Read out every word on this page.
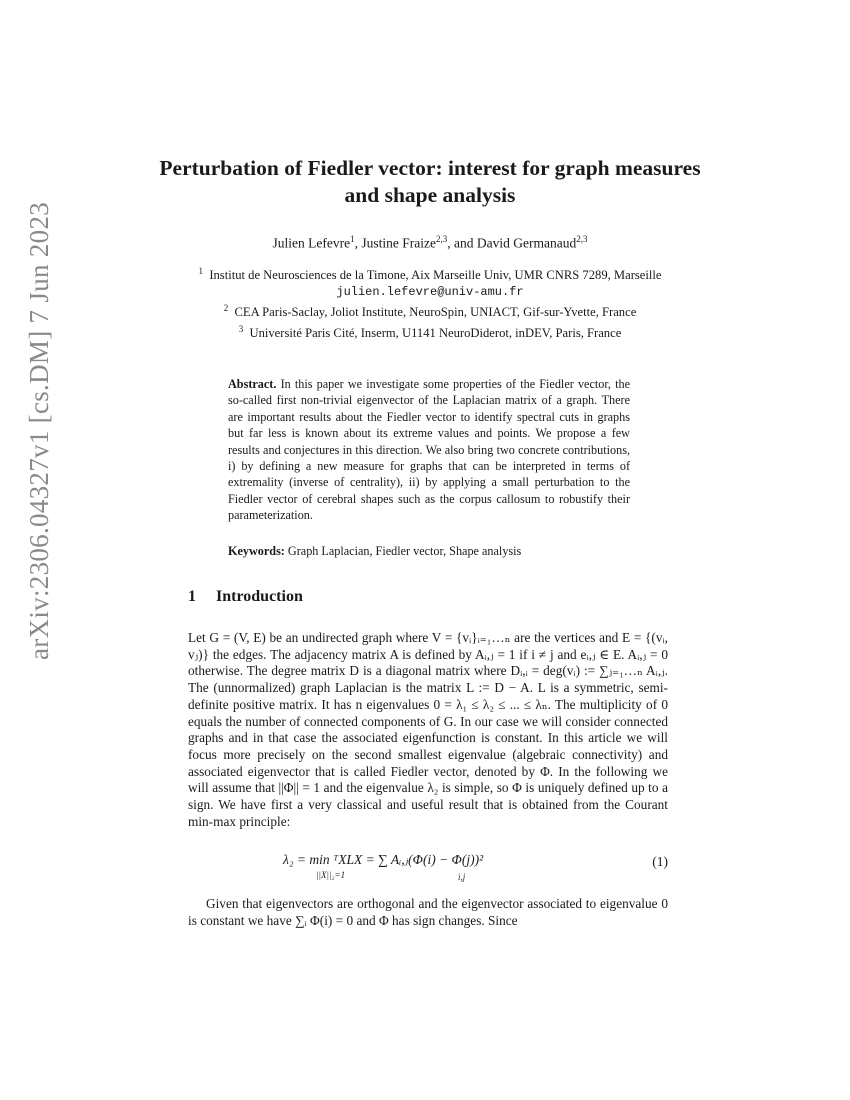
arXiv:2306.04327v1 [cs.DM] 7 Jun 2023
Perturbation of Fiedler vector: interest for graph measures and shape analysis
Julien Lefevre$^1$, Justine Fraize$^{2,3}$, and David Germanaud$^{2,3}$
$^1$ Institut de Neurosciences de la Timone, Aix Marseille Univ, UMR CNRS 7289, Marseille
julien.lefevre@univ-amu.fr
$^2$ CEA Paris-Saclay, Joliot Institute, NeuroSpin, UNIACT, Gif-sur-Yvette, France
$^3$ Université Paris Cité, Inserm, U1141 NeuroDiderot, inDEV, Paris, France
Abstract. In this paper we investigate some properties of the Fiedler vector, the so-called first non-trivial eigenvector of the Laplacian matrix of a graph. There are important results about the Fiedler vector to identify spectral cuts in graphs but far less is known about its extreme values and points. We propose a few results and conjectures in this direction. We also bring two concrete contributions, i) by defining a new measure for graphs that can be interpreted in terms of extremality (inverse of centrality), ii) by applying a small perturbation to the Fiedler vector of cerebral shapes such as the corpus callosum to robustify their parameterization.
Keywords: Graph Laplacian, Fiedler vector, Shape analysis
1 Introduction
Let G = (V, E) be an undirected graph where V = {vᵢ}ᵢ₌₁…ₙ are the vertices and E = {(vᵢ, vⱼ)} the edges. The adjacency matrix A is defined by Aᵢ,ⱼ = 1 if i ≠ j and eᵢ,ⱼ ∈ E. Aᵢ,ⱼ = 0 otherwise. The degree matrix D is a diagonal matrix where Dᵢ,ᵢ = deg(vᵢ) := ∑ⱼ₌₁…ₙ Aᵢ,ⱼ. The (unnormalized) graph Laplacian is the matrix L := D − A. L is a symmetric, semi-definite positive matrix. It has n eigenvalues 0 = λ₁ ≤ λ₂ ≤ ... ≤ λₙ. The multiplicity of 0 equals the number of connected components of G. In our case we will consider connected graphs and in that case the associated eigenfunction is constant. In this article we will focus more precisely on the second smallest eigenvalue (algebraic connectivity) and associated eigenvector that is called Fiedler vector, denoted by Φ. In the following we will assume that ||Φ|| = 1 and the eigenvalue λ₂ is simple, so Φ is uniquely defined up to a sign. We have first a very classical and useful result that is obtained from the Courant min-max principle:
λ₂ = min ᵀXLX = ∑ Aᵢ,ⱼ(Φ(i) − Φ(j))²
||X||₂=1	i,j
(1)
Given that eigenvectors are orthogonal and the eigenvector associated to eigenvalue 0 is constant we have ∑ᵢ Φ(i) = 0 and Φ has sign changes. Since
